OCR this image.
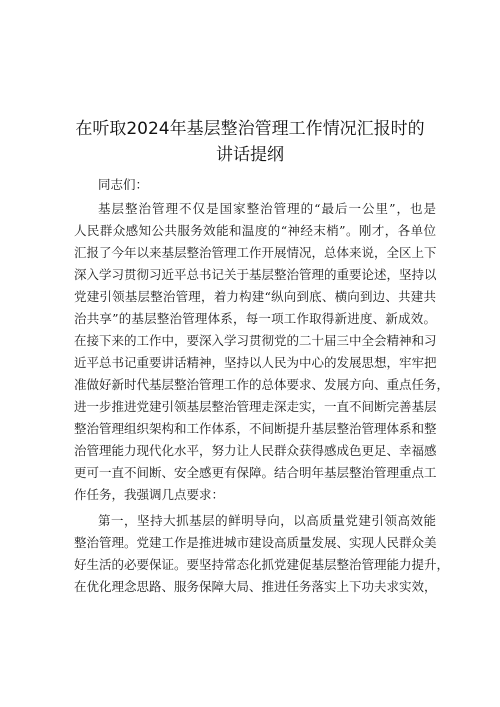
在听取2024年基层整治管理工作情况汇报时的
讲话提纲
同志们：
基层整治管理不仅是国家整治管理的“最后一公里”，也是
人民群众感知公共服务效能和温度的“神经末梢”。刚才，各单位
汇报了今年以来基层整治管理工作开展情况，总体来说，全区上下
深入学习贯彻习近平总书记关于基层整治管理的重要论述，坚持以
党建引领基层整治管理，着力构建“纵向到底、横向到边、共建共
治共享”的基层整治管理体系，每一项工作取得新进度、新成效。
在接下来的工作中，要深入学习贯彻党的二十届三中全会精神和习
近平总书记重要讲话精神，坚持以人民为中心的发展思想，牢牢把
准做好新时代基层整治管理工作的总体要求、发展方向、重点任务，
进一步推进党建引领基层整治管理走深走实，一直不间断完善基层
整治管理组织架构和工作体系，不间断提升基层整治管理体系和整
治管理能力现代化水平，努力让人民群众获得感成色更足、幸福感
更可一直不间断、安全感更有保障。结合明年基层整治管理重点工
作任务，我强调几点要求：
第一，坚持大抓基层的鲜明导向，以高质量党建引领高效能
整治管理。党建工作是推进城市建设高质量发展、实现人民群众美
好生活的必要保证。要坚持常态化抓党建促基层整治管理能力提升，
在优化理念思路、服务保障大局、推进任务落实上下功夫求实效，
